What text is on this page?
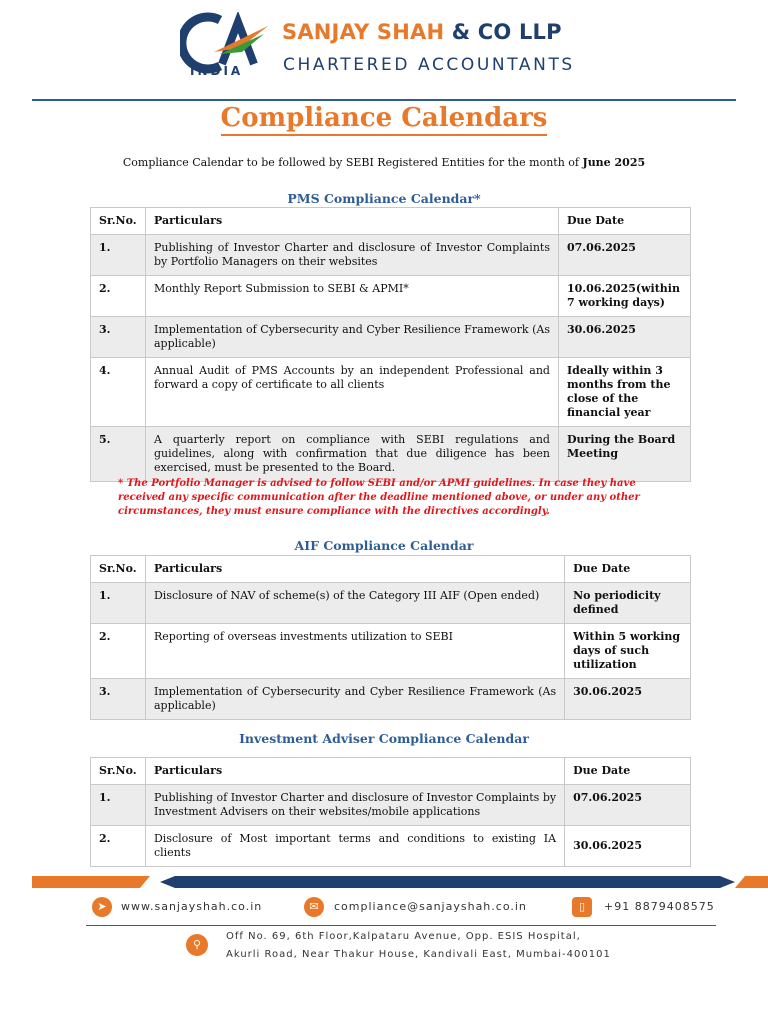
INDIA
SANJAY SHAH & CO LLP
CHARTERED ACCOUNTANTS
Compliance Calendars
Compliance Calendar to be followed by SEBI Registered Entities for the month of June 2025
PMS Compliance Calendar*
Sr.No.	Particulars	Due Date
1.	Publishing of Investor Charter and disclosure of Investor Complaints by Portfolio Managers on their websites	07.06.2025
2.	Monthly Report Submission to SEBI & APMI*	10.06.2025(within 7 working days)
3.	Implementation of Cybersecurity and Cyber Resilience Framework (As applicable)	30.06.2025
4.	Annual Audit of PMS Accounts by an independent Professional and forward a copy of certificate to all clients	Ideally within 3 months from the close of the financial year
5.	A quarterly report on compliance with SEBI regulations and guidelines, along with confirmation that due diligence has been exercised, must be presented to the Board.	During the Board Meeting
* The Portfolio Manager is advised to follow SEBI and/or APMI guidelines. In case they have received any specific communication after the deadline mentioned above, or under any other circumstances, they must ensure compliance with the directives accordingly.
AIF Compliance Calendar
Sr.No.	Particulars	Due Date
1.	Disclosure of NAV of scheme(s) of the Category III AIF (Open ended)	No periodicity defined
2.	Reporting of overseas investments utilization to SEBI	Within 5 working days of such utilization
3.	Implementation of Cybersecurity and Cyber Resilience Framework (As applicable)	30.06.2025
Investment Adviser Compliance Calendar
Sr.No.	Particulars	Due Date
1.	Publishing of Investor Charter and disclosure of Investor Complaints by Investment Advisers on their websites/mobile applications	07.06.2025
2.	Disclosure of Most important terms and conditions to existing IA clients	30.06.2025
➤	www.sanjayshah.co.in	✉	compliance@sanjayshah.co.in	▯	+91 8879408575
⚲
Off No. 69, 6th Floor,Kalpataru Avenue, Opp. ESIS Hospital,
Akurli Road, Near Thakur House, Kandivali East, Mumbai-400101
